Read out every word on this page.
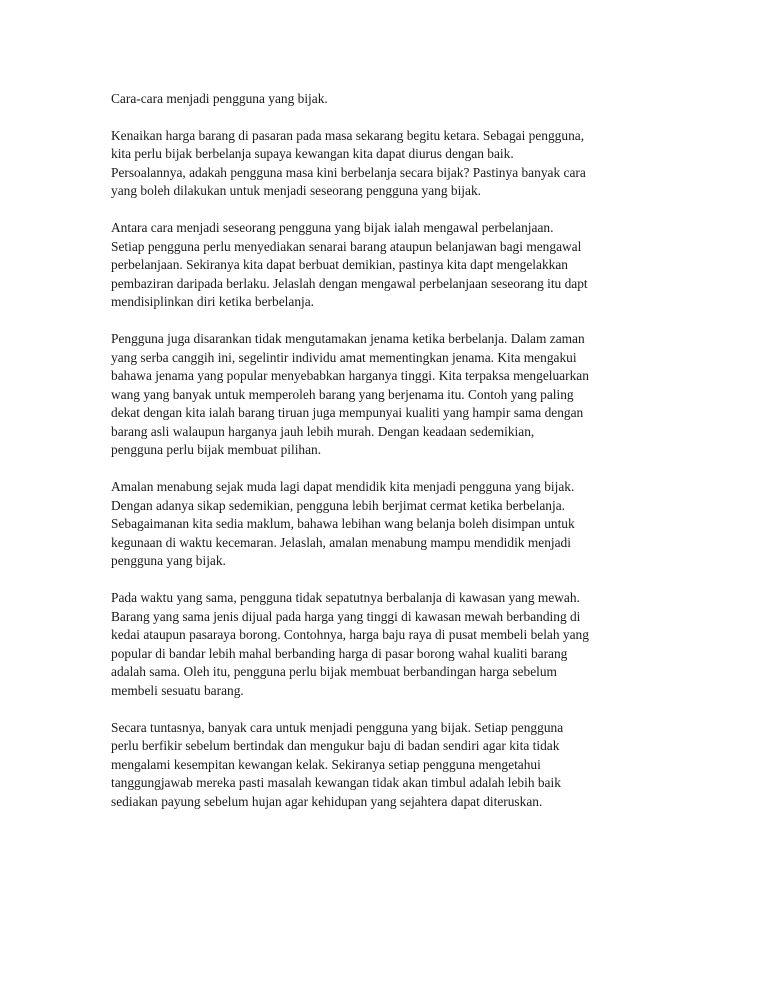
Cara-cara menjadi pengguna yang bijak.
Kenaikan harga barang di pasaran pada masa sekarang begitu ketara. Sebagai pengguna,
kita perlu bijak berbelanja supaya kewangan kita dapat diurus dengan baik.
Persoalannya, adakah pengguna masa kini berbelanja secara bijak? Pastinya banyak cara
yang boleh dilakukan untuk menjadi seseorang pengguna yang bijak.
Antara cara menjadi seseorang pengguna yang bijak ialah mengawal perbelanjaan.
Setiap pengguna perlu menyediakan senarai barang ataupun belanjawan bagi mengawal
perbelanjaan. Sekiranya kita dapat berbuat demikian, pastinya kita dapt mengelakkan
pembaziran daripada berlaku. Jelaslah dengan mengawal perbelanjaan seseorang itu dapt
mendisiplinkan diri ketika berbelanja.
Pengguna juga disarankan tidak mengutamakan jenama ketika berbelanja. Dalam zaman
yang serba canggih ini, segelintir individu amat mementingkan jenama. Kita mengakui
bahawa jenama yang popular menyebabkan harganya tinggi. Kita terpaksa mengeluarkan
wang yang banyak untuk memperoleh barang yang berjenama itu. Contoh yang paling
dekat dengan kita ialah barang tiruan juga mempunyai kualiti yang hampir sama dengan
barang asli walaupun harganya jauh lebih murah. Dengan keadaan sedemikian,
pengguna perlu bijak membuat pilihan.
Amalan menabung sejak muda lagi dapat mendidik kita menjadi pengguna yang bijak.
Dengan adanya sikap sedemikian, pengguna lebih berjimat cermat ketika berbelanja.
Sebagaimanan kita sedia maklum, bahawa lebihan wang belanja boleh disimpan untuk
kegunaan di waktu kecemaran. Jelaslah, amalan menabung mampu mendidik menjadi
pengguna yang bijak.
Pada waktu yang sama, pengguna tidak sepatutnya berbalanja di kawasan yang mewah.
Barang yang sama jenis dijual pada harga yang tinggi di kawasan mewah berbanding di
kedai ataupun pasaraya borong. Contohnya, harga baju raya di pusat membeli belah yang
popular di bandar lebih mahal berbanding harga di pasar borong wahal kualiti barang
adalah sama. Oleh itu, pengguna perlu bijak membuat berbandingan harga sebelum
membeli sesuatu barang.
Secara tuntasnya, banyak cara untuk menjadi pengguna yang bijak. Setiap pengguna
perlu berfikir sebelum bertindak dan mengukur baju di badan sendiri agar kita tidak
mengalami kesempitan kewangan kelak. Sekiranya setiap pengguna mengetahui
tanggungjawab mereka pasti masalah kewangan tidak akan timbul adalah lebih baik
sediakan payung sebelum hujan agar kehidupan yang sejahtera dapat diteruskan.
